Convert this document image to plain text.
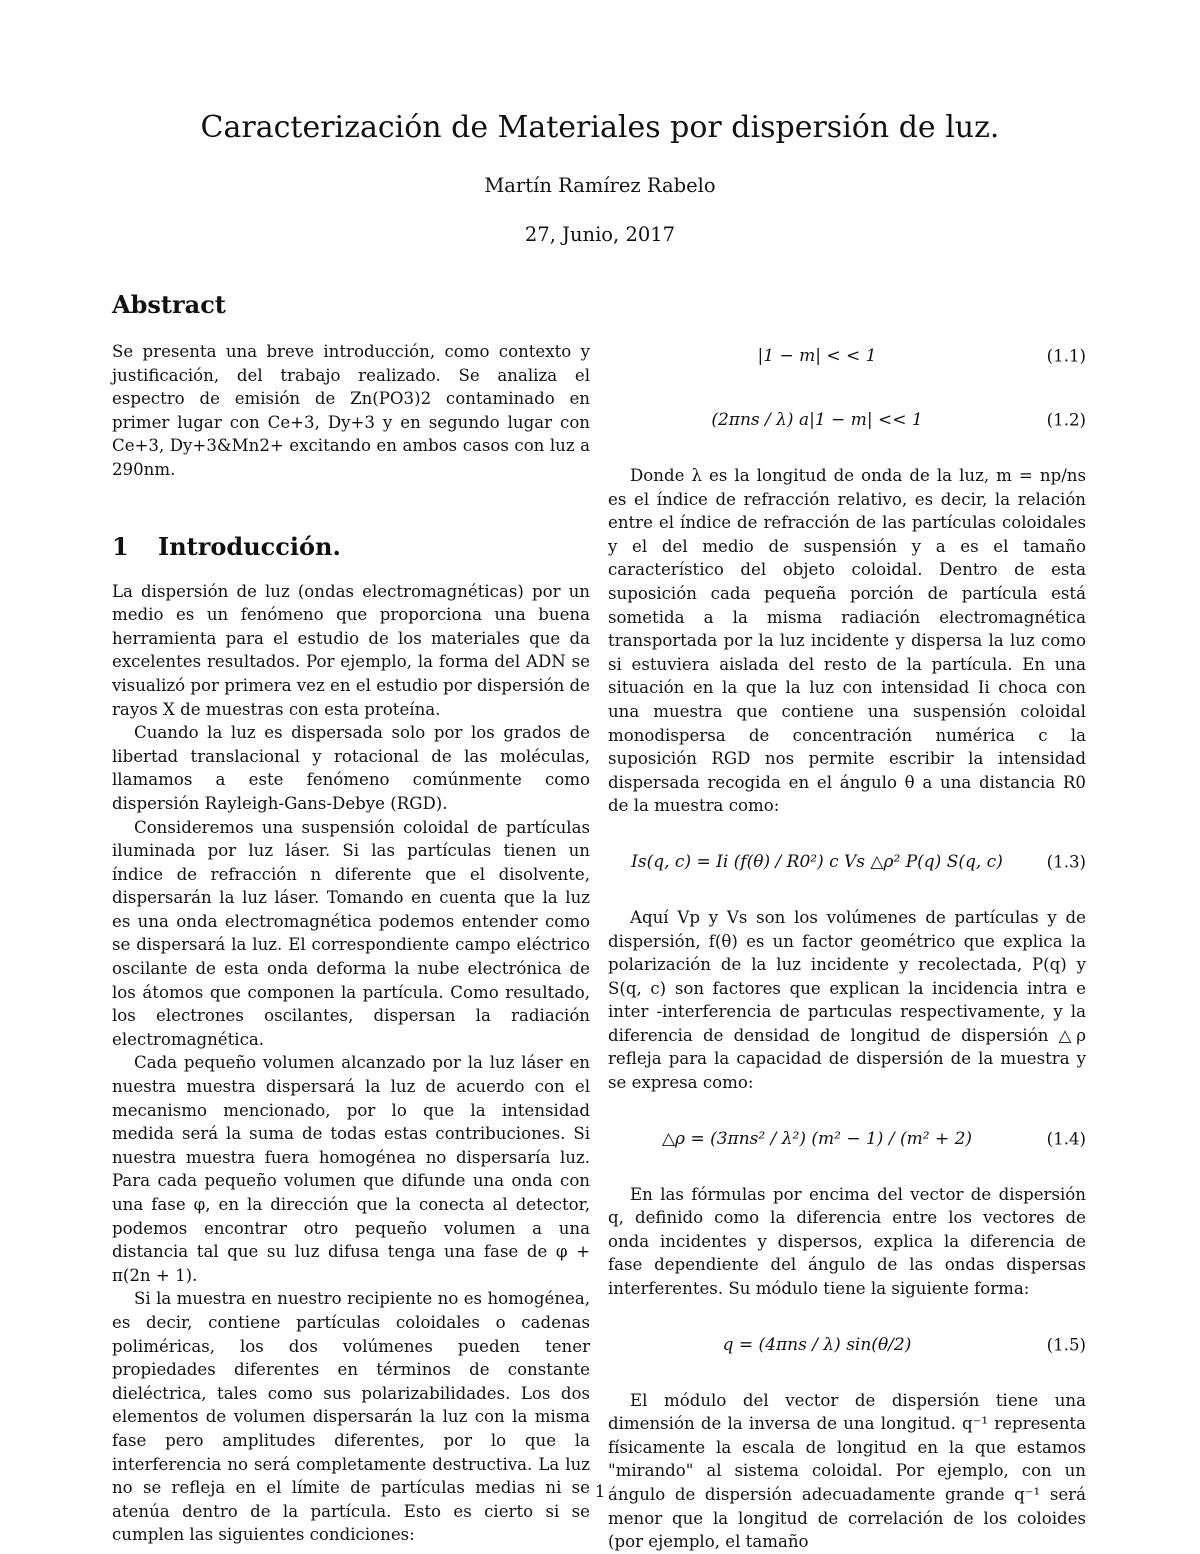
Caracterización de Materiales por dispersión de luz.
Martín Ramírez Rabelo
27, Junio, 2017
Abstract

Se presenta una breve introducción, como contexto y justificación, del trabajo realizado. Se analiza el espectro de emisión de Zn(PO3)2 contaminado en primer lugar con Ce+3, Dy+3 y en segundo lugar con Ce+3, Dy+3&Mn2+ excitando en ambos casos con luz a 290nm.

1 Introducción.

La dispersión de luz (ondas electromagnéticas) por un medio es un fenómeno que proporciona una buena herramienta para el estudio de los materiales que da excelentes resultados. Por ejemplo, la forma del ADN se visualizó por primera vez en el estudio por dispersión de rayos X de muestras con esta proteína.

Cuando la luz es dispersada solo por los grados de libertad translacional y rotacional de las moléculas, llamamos a este fenómeno comúnmente como dispersión Rayleigh-Gans-Debye (RGD).

Consideremos una suspensión coloidal de partículas iluminada por luz láser. Si las partículas tienen un índice de refracción n diferente que el disolvente, dispersarán la luz láser. Tomando en cuenta que la luz es una onda electromagnética podemos entender como se dispersará la luz. El correspondiente campo eléctrico oscilante de esta onda deforma la nube electrónica de los átomos que componen la partícula. Como resultado, los electrones oscilantes, dispersan la radiación electromagnética.

Cada pequeño volumen alcanzado por la luz láser en nuestra muestra dispersará la luz de acuerdo con el mecanismo mencionado, por lo que la intensidad medida será la suma de todas estas contribuciones. Si nuestra muestra fuera homogénea no dispersaría luz. Para cada pequeño volumen que difunde una onda con una fase φ, en la dirección que la conecta al detector, podemos encontrar otro pequeño volumen a una distancia tal que su luz difusa tenga una fase de φ + π(2n + 1).

Si la muestra en nuestro recipiente no es homogénea, es decir, contiene partículas coloidales o cadenas poliméricas, los dos volúmenes pueden tener propiedades diferentes en términos de constante dieléctrica, tales como sus polarizabilidades. Los dos elementos de volumen dispersarán la luz con la misma fase pero amplitudes diferentes, por lo que la interferencia no será completamente destructiva. La luz no se refleja en el límite de partículas medias ni se atenúa dentro de la partícula. Esto es cierto si se cumplen las siguientes condiciones:

|1 − m| < < 1	(1.1)
(2πns / λ) a|1 − m| << 1	(1.2)

Donde λ es la longitud de onda de la luz, m = np/ns es el índice de refracción relativo, es decir, la relación entre el índice de refracción de las partículas coloidales y el del medio de suspensión y a es el tamaño característico del objeto coloidal. Dentro de esta suposición cada pequeña porción de partícula está sometida a la misma radiación electromagnética transportada por la luz incidente y dispersa la luz como si estuviera aislada del resto de la partícula. En una situación en la que la luz con intensidad Ii choca con una muestra que contiene una suspensión coloidal monodispersa de concentración numérica c la suposición RGD nos permite escribir la intensidad dispersada recogida en el ángulo θ a una distancia R0 de la muestra como:

Is(q, c) = Ii (f(θ) / R0²) c Vs △ρ² P(q) S(q, c)	(1.3)

Aquí Vp y Vs son los volúmenes de partículas y de dispersión, f(θ) es un factor geométrico que explica la polarización de la luz incidente y recolectada, P(q) y S(q, c) son factores que explican la incidencia intra e inter -interferencia de partıculas respectivamente, y la diferencia de densidad de longitud de dispersión △ρ refleja para la capacidad de dispersión de la muestra y se expresa como:

△ρ = (3πns² / λ²) (m² − 1) / (m² + 2)	(1.4)

En las fórmulas por encima del vector de dispersión q, definido como la diferencia entre los vectores de onda incidentes y dispersos, explica la diferencia de fase dependiente del ángulo de las ondas dispersas interferentes. Su módulo tiene la siguiente forma:

q = (4πns / λ) sin(θ/2)	(1.5)

El módulo del vector de dispersión tiene una dimensión de la inversa de una longitud. q⁻¹ representa físicamente la escala de longitud en la que estamos "mirando" al sistema coloidal. Por ejemplo, con un ángulo de dispersión adecuadamente grande q⁻¹ será menor que la longitud de correlación de los coloides (por ejemplo, el tamaño

1
